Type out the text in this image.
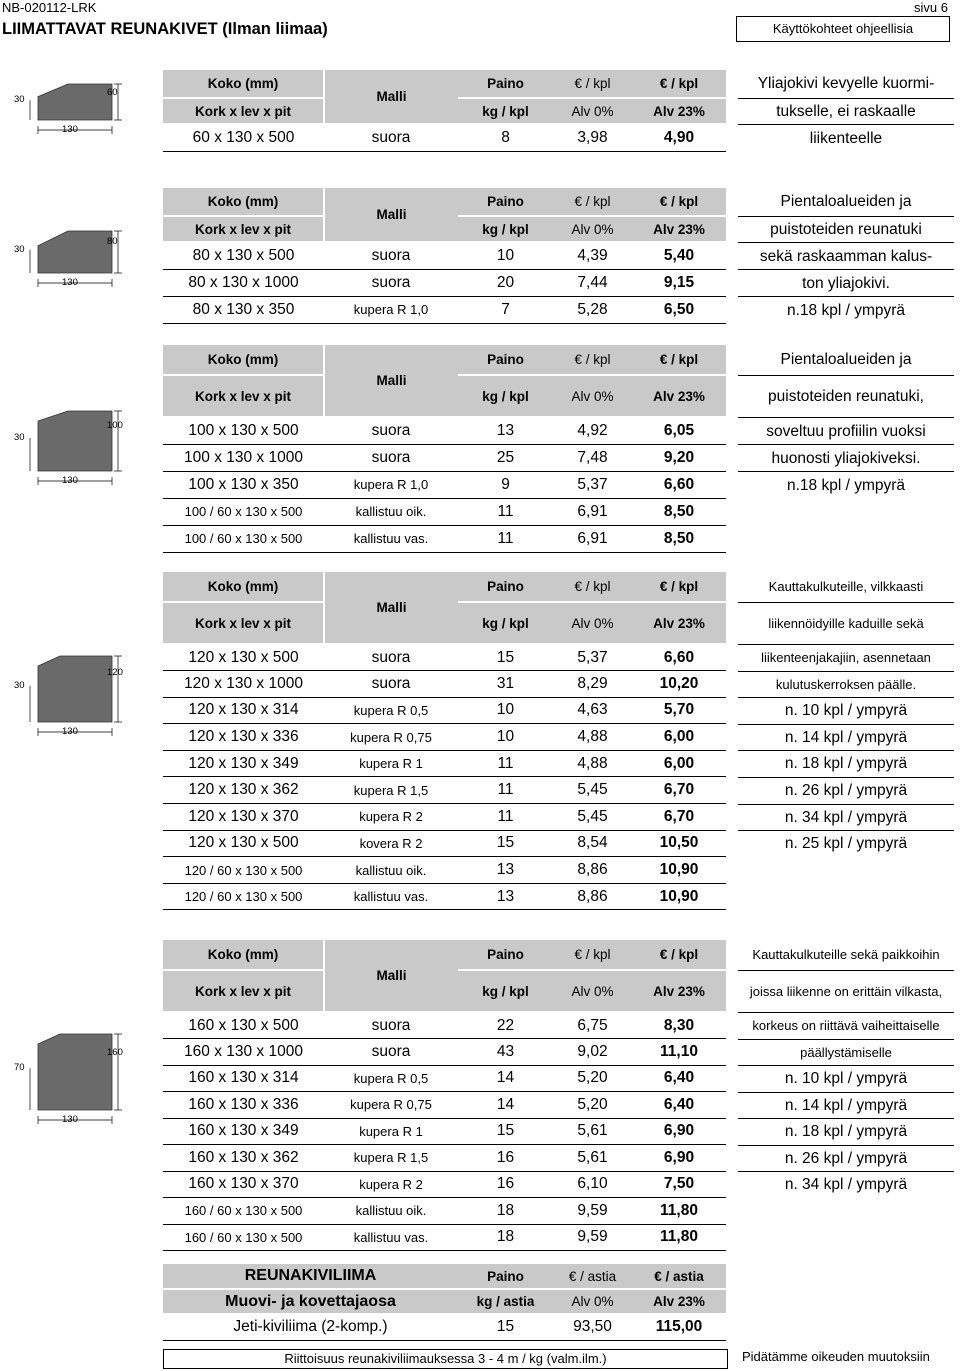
NB-020112-LRK	sivu 6
LIIMATTAVAT REUNAKIVET (Ilman liimaa)	Käyttökohteet ohjeellisia
60
30
130
Koko (mm)	Malli	Paino	€ / kpl	€ / kpl
Kork x lev x pit		kg / kpl	Alv 0%	Alv 23%
60 x 130 x 500	suora	8	3,98	4,90
Yliajokivi kevyelle kuormi-
tukselle, ei raskaalle
liikenteelle
80
30
130
Koko (mm)	Malli	Paino	€ / kpl	€ / kpl
Kork x lev x pit		kg / kpl	Alv 0%	Alv 23%
80 x 130 x 500	suora	10	4,39	5,40
80 x 130 x 1000	suora	20	7,44	9,15
80 x 130 x 350	kupera R 1,0	7	5,28	6,50
Pientaloalueiden ja
puistoteiden reunatuki
sekä raskaamman kalus-
ton yliajokivi.
n.18 kpl / ympyrä
100
30
130
Koko (mm)	Malli	Paino	€ / kpl	€ / kpl
Kork x lev x pit		kg / kpl	Alv 0%	Alv 23%
100 x 130 x 500	suora	13	4,92	6,05
100 x 130 x 1000	suora	25	7,48	9,20
100 x 130 x 350	kupera R 1,0	9	5,37	6,60
100 / 60 x 130 x 500	kallistuu oik.	11	6,91	8,50
100 / 60 x 130 x 500	kallistuu vas.	11	6,91	8,50
Pientaloalueiden ja
puistoteiden reunatuki,
soveltuu profiilin vuoksi
huonosti yliajokiveksi.
n.18 kpl / ympyrä
120
30
130
Koko (mm)	Malli	Paino	€ / kpl	€ / kpl
Kork x lev x pit		kg / kpl	Alv 0%	Alv 23%
120 x 130 x 500	suora	15	5,37	6,60
120 x 130 x 1000	suora	31	8,29	10,20
120 x 130 x 314	kupera R 0,5	10	4,63	5,70
120 x 130 x 336	kupera R 0,75	10	4,88	6,00
120 x 130 x 349	kupera R 1	11	4,88	6,00
120 x 130 x 362	kupera R 1,5	11	5,45	6,70
120 x 130 x 370	kupera R 2	11	5,45	6,70
120 x 130 x 500	kovera R 2	15	8,54	10,50
120 / 60 x 130 x 500	kallistuu oik.	13	8,86	10,90
120 / 60 x 130 x 500	kallistuu vas.	13	8,86	10,90
Kauttakulkuteille, vilkkaasti
liikennöidyille kaduille sekä
liikenteenjakajiin, asennetaan
kulutuskerroksen päälle.
n. 10 kpl / ympyrä
n. 14 kpl / ympyrä
n. 18 kpl / ympyrä
n. 26 kpl / ympyrä
n. 34 kpl / ympyrä
n. 25 kpl / ympyrä
160
70
130
Koko (mm)	Malli	Paino	€ / kpl	€ / kpl
Kork x lev x pit		kg / kpl	Alv 0%	Alv 23%
160 x 130 x 500	suora	22	6,75	8,30
160 x 130 x 1000	suora	43	9,02	11,10
160 x 130 x 314	kupera R 0,5	14	5,20	6,40
160 x 130 x 336	kupera R 0,75	14	5,20	6,40
160 x 130 x 349	kupera R 1	15	5,61	6,90
160 x 130 x 362	kupera R 1,5	16	5,61	6,90
160 x 130 x 370	kupera R 2	16	6,10	7,50
160 / 60 x 130 x 500	kallistuu oik.	18	9,59	11,80
160 / 60 x 130 x 500	kallistuu vas.	18	9,59	11,80
Kauttakulkuteille sekä paikkoihin
joissa liikenne on erittäin vilkasta,
korkeus on riittävä vaiheittaiselle
päällystämiselle
n. 10 kpl / ympyrä
n. 14 kpl / ympyrä
n. 18 kpl / ympyrä
n. 26 kpl / ympyrä
n. 34 kpl / ympyrä
REUNAKIVILIIMA	Paino	€ / astia	€ / astia
Muovi- ja kovettajaosa	kg / astia	Alv 0%	Alv 23%
Jeti-kiviliima (2-komp.)	15	93,50	115,00
Riittoisuus reunakiviliimauksessa 3 - 4 m / kg (valm.ilm.)	Pidätämme oikeuden muutoksiin
